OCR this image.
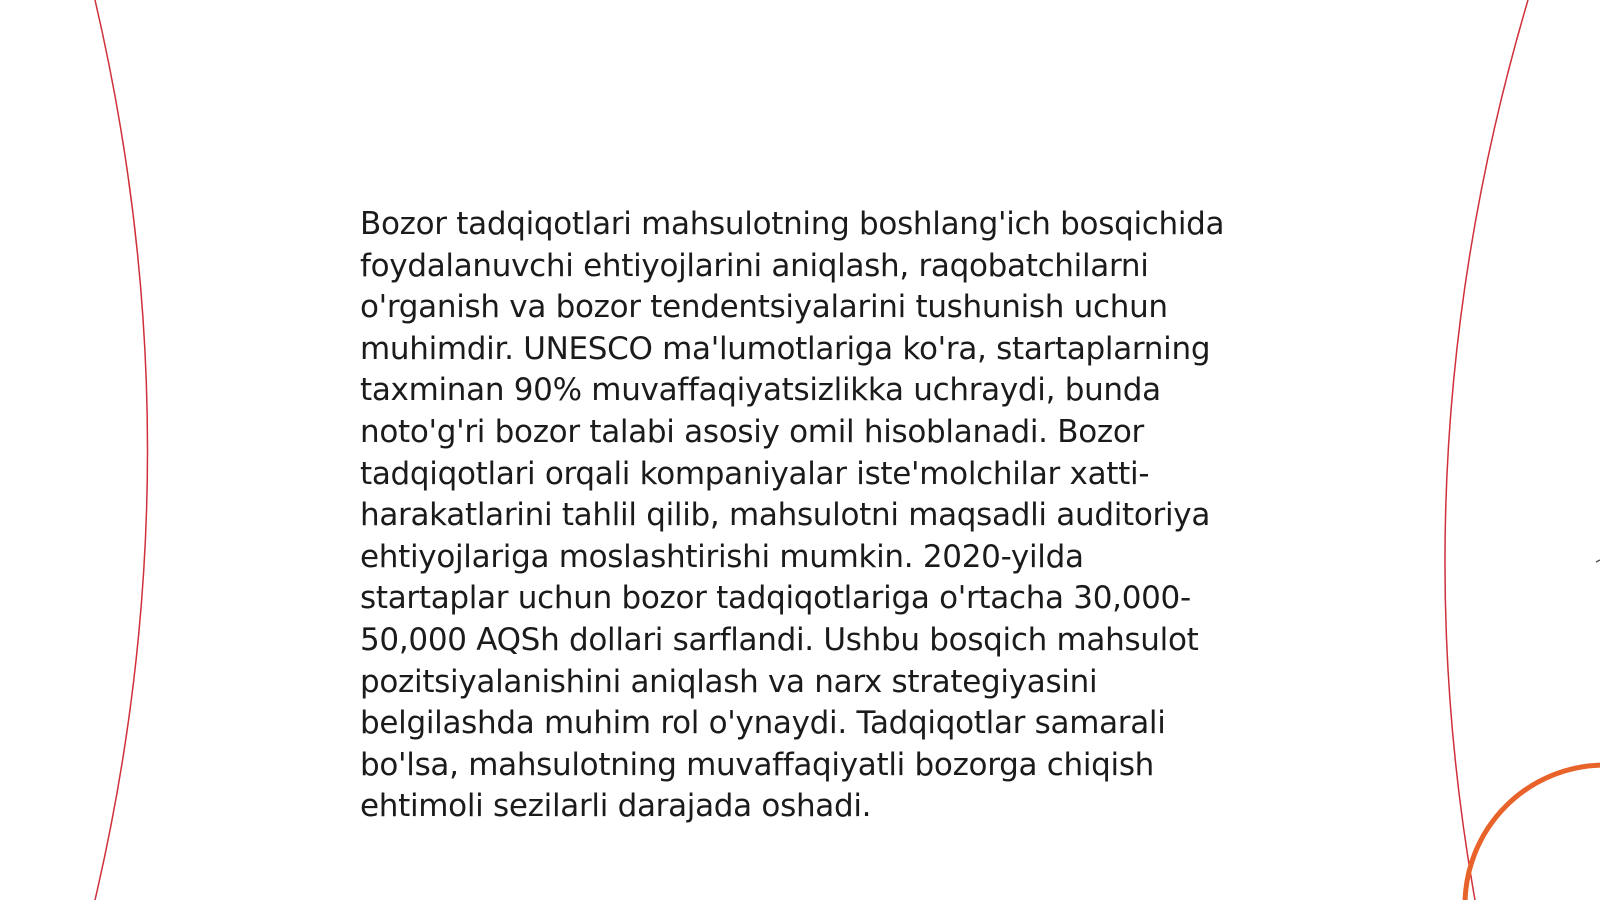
Bozor tadqiqotlari mahsulotning boshlang'ich bosqichida foydalanuvchi ehtiyojlarini aniqlash, raqobatchilarni o'rganish va bozor tendentsiyalarini tushunish uchun muhimdir. UNESCO ma'lumotlariga ko'ra, startaplarning taxminan 90% muvaffaqiyatsizlikka uchraydi, bunda noto'g'ri bozor talabi asosiy omil hisoblanadi. Bozor tadqiqotlari orqali kompaniyalar iste'molchilar xatti-harakatlarini tahlil qilib, mahsulotni maqsadli auditoriya ehtiyojlariga moslashtirishi mumkin. 2020-yilda startaplar uchun bozor tadqiqotlariga o'rtacha 30,000-50,000 AQSh dollari sarflandi. Ushbu bosqich mahsulot pozitsiyalanishini aniqlash va narx strategiyasini belgilashda muhim rol o'ynaydi. Tadqiqotlar samarali bo'lsa, mahsulotning muvaffaqiyatli bozorga chiqish ehtimoli sezilarli darajada oshadi.
